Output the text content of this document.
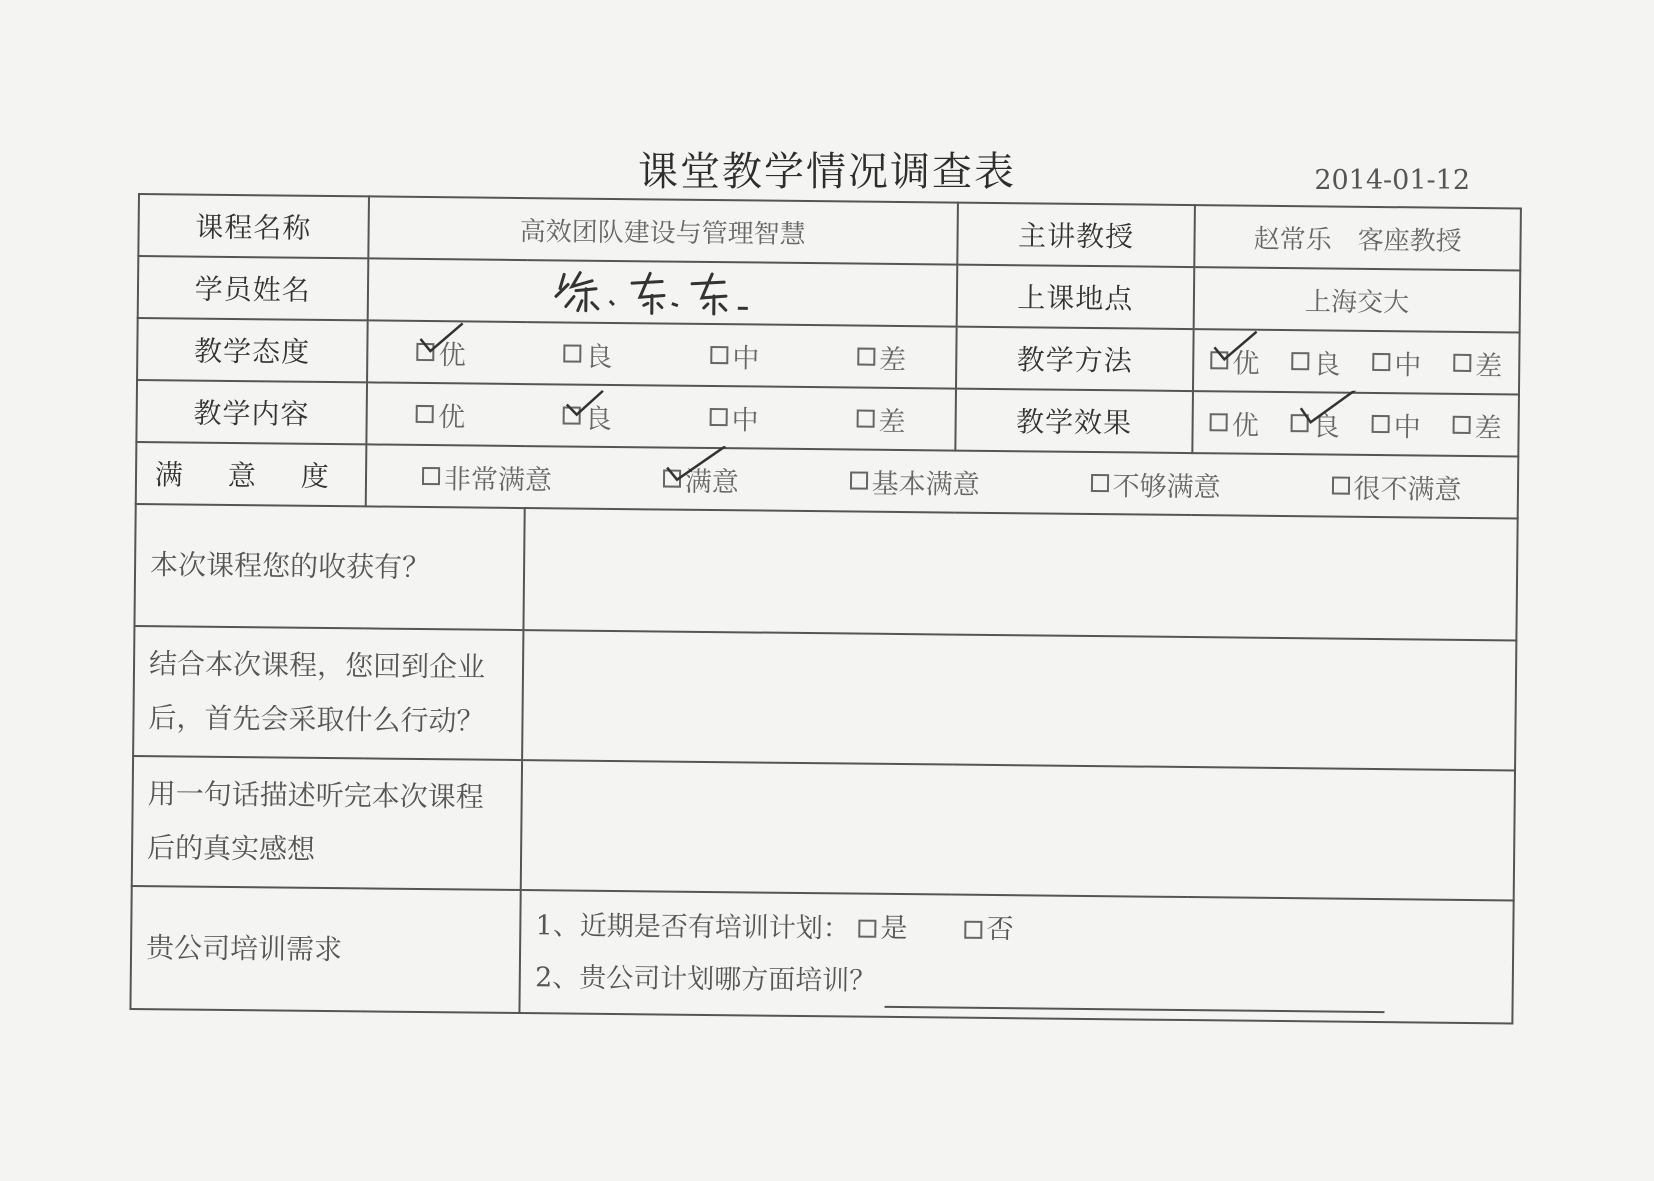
课堂教学情况调查表	2014-01-12
课程名称	高效团队建设与管理智慧		主讲教授	赵常乐　客座教授
学员姓名			上课地点	上海交大
教学态度	优 良 中 差		教学方法	优 良 中 差

教学内容	优 良 中 差		教学效果	优 良 中 差

满 意 度	非常满意 满意 基本满意 不够满意 很不满意			

本次课程您的收获有？				
结合本次课程，您回到企业后，首先会采取什么行动？				
用一句话描述听完本次课程后的真实感想				
贵公司培训需求		1、近期是否有培训计划： 是
否
2、贵公司计划哪方面培训？		
